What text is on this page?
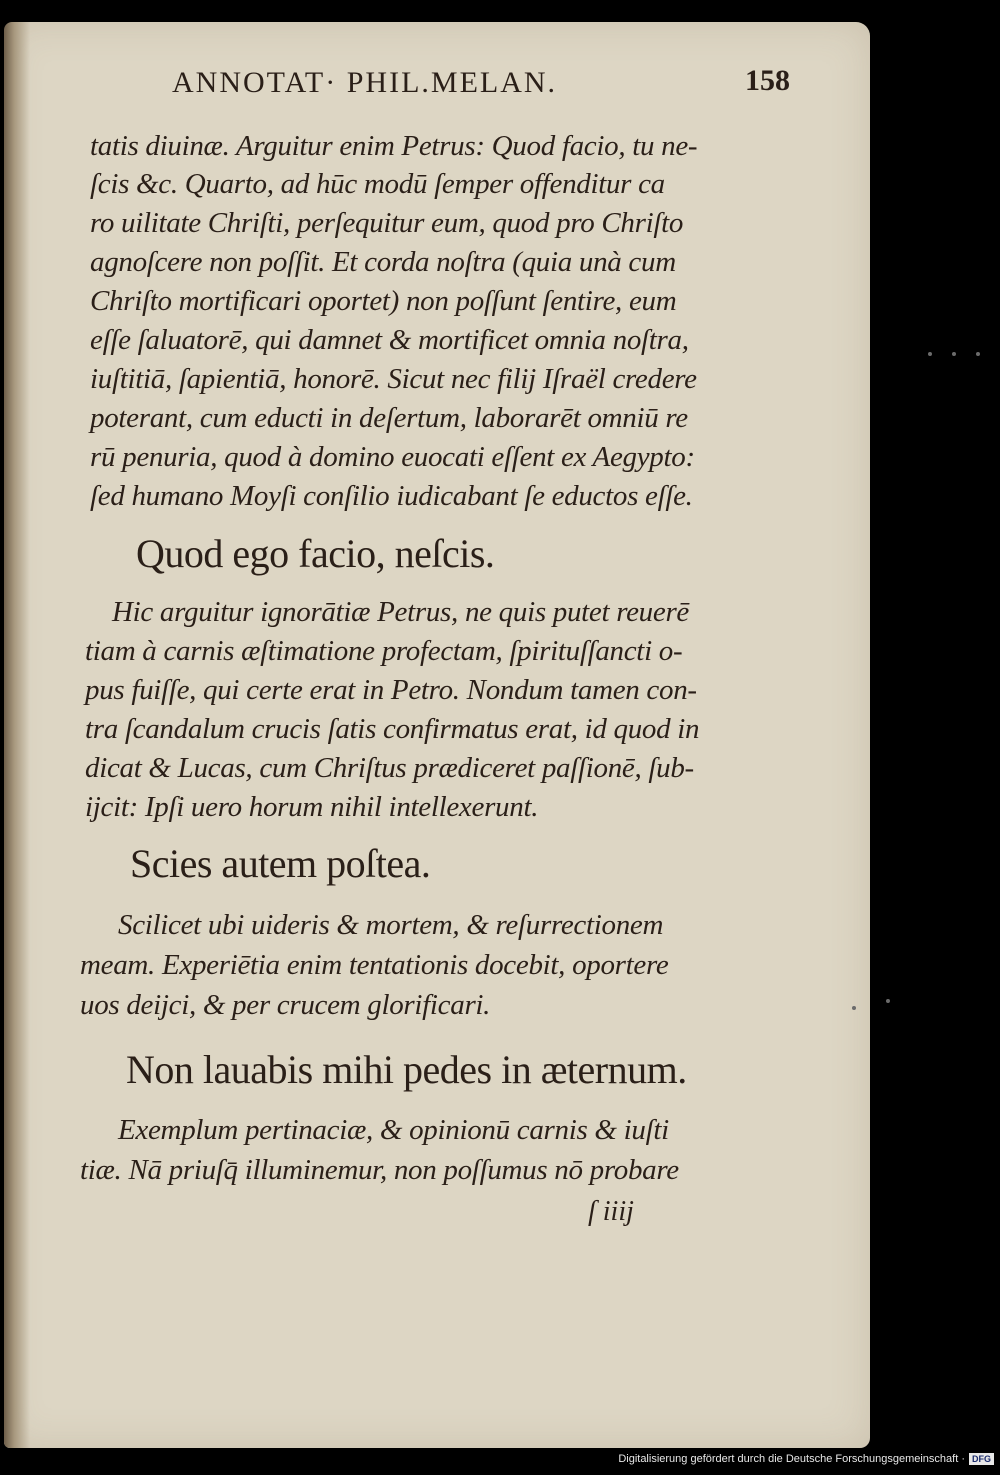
ANNOTAT· PHIL.MELAN.	158
tatis diuinæ. Arguitur enim Petrus: Quod facio, tu ne-
ſcis &c. Quarto, ad hūc modū ſemper offenditur ca
ro uilitate Chriſti, perſequitur eum, quod pro Chriſto
agnoſcere non poſſit. Et corda noſtra (quia unà cum
Chriſto mortificari oportet) non poſſunt ſentire, eum
eſſe ſaluatorē, qui damnet & mortificet omnia noſtra,
iuſtitiā, ſapientiā, honorē. Sicut nec filij Iſraël credere
poterant, cum educti in deſertum, laborarēt omniū re
rū penuria, quod à domino euocati eſſent ex Aegypto:
ſed humano Moyſi conſilio iudicabant ſe eductos eſſe.
Quod ego facio, neſcis.
Hic arguitur ignorātiæ Petrus, ne quis putet reuerē
tiam à carnis æſtimatione profectam, ſpirituſſancti o-
pus fuiſſe, qui certe erat in Petro. Nondum tamen con-
tra ſcandalum crucis ſatis confirmatus erat, id quod in
dicat & Lucas, cum Chriſtus prædiceret paſſionē, ſub-
ijcit: Ipſi uero horum nihil intellexerunt.
Scies autem poſtea.
Scilicet ubi uideris & mortem, & reſurrectionem
meam. Experiētia enim tentationis docebit, oportere
uos deijci, & per crucem glorificari.
Non lauabis mihi pedes in æternum.
Exemplum pertinaciæ, & opinionū carnis & iuſti
tiæ. Nā priuſq̄ illuminemur, non poſſumus nō probare
ſ iiij
Digitalisierung gefördert durch die Deutsche Forschungsgemeinschaft · DFG
